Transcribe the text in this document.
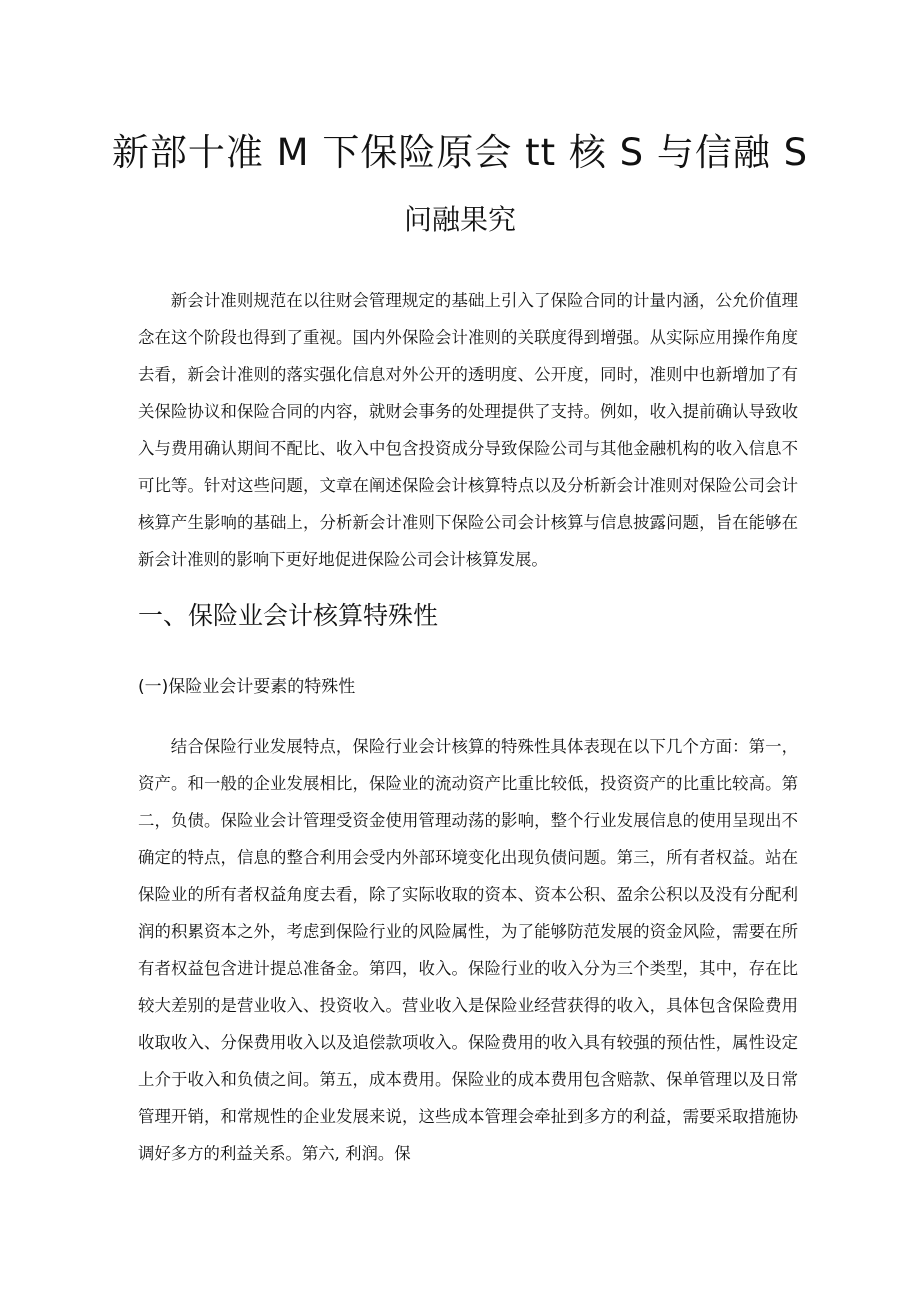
新部十准 M 下保险原会 tt 核 S 与信融 S
问融果究

新会计准则规范在以往财会管理规定的基础上引入了保险合同的计量内涵，公允价值理念在这个阶段也得到了重视。国内外保险会计准则的关联度得到增强。从实际应用操作角度去看，新会计准则的落实强化信息对外公开的透明度、公开度，同时，准则中也新增加了有关保险协议和保险合同的内容，就财会事务的处理提供了支持。例如，收入提前确认导致收入与费用确认期间不配比、收入中包含投资成分导致保险公司与其他金融机构的收入信息不可比等。针对这些问题，文章在阐述保险会计核算特点以及分析新会计准则对保险公司会计核算产生影响的基础上，分析新会计准则下保险公司会计核算与信息披露问题，旨在能够在新会计准则的影响下更好地促进保险公司会计核算发展。

一、保险业会计核算特殊性
(一)保险业会计要素的特殊性

结合保险行业发展特点，保险行业会计核算的特殊性具体表现在以下几个方面：第一，资产。和一般的企业发展相比，保险业的流动资产比重比较低，投资资产的比重比较高。第二，负债。保险业会计管理受资金使用管理动荡的影响，整个行业发展信息的使用呈现出不确定的特点，信息的整合利用会受内外部环境变化出现负债问题。第三，所有者权益。站在保险业的所有者权益角度去看，除了实际收取的资本、资本公积、盈余公积以及没有分配利润的积累资本之外，考虑到保险行业的风险属性，为了能够防范发展的资金风险，需要在所有者权益包含进计提总准备金。第四，收入。保险行业的收入分为三个类型，其中，存在比较大差别的是营业收入、投资收入。营业收入是保险业经营获得的收入，具体包含保险费用收取收入、分保费用收入以及追偿款项收入。保险费用的收入具有较强的预估性，属性设定上介于收入和负债之间。第五，成本费用。保险业的成本费用包含赔款、保单管理以及日常管理开销，和常规性的企业发展来说，这些成本管理会牵扯到多方的利益，需要采取措施协调好多方的利益关系。第六, 利润。保
